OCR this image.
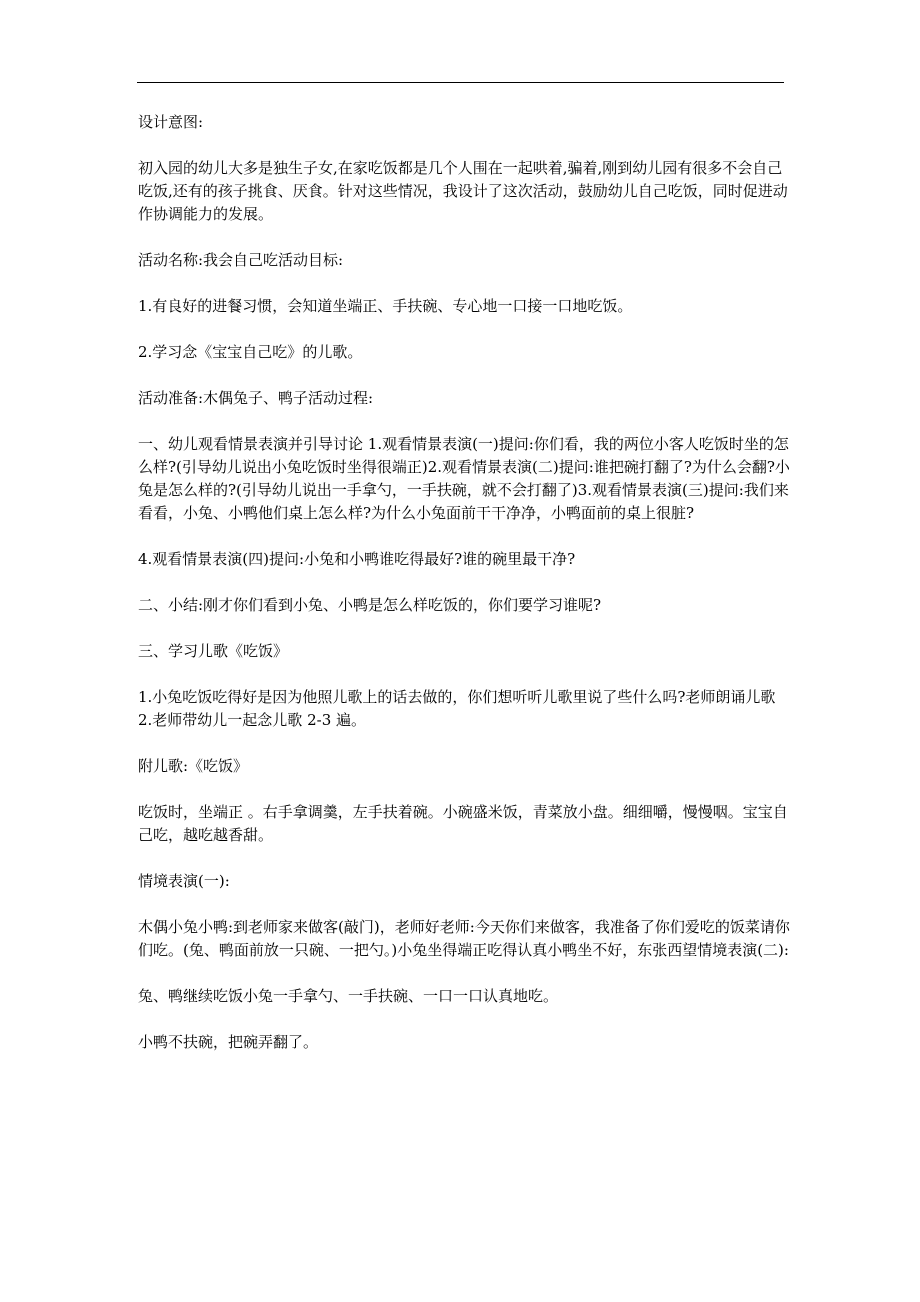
设计意图:

初入园的幼儿大多是独生子女,在家吃饭都是几个人围在一起哄着,骗着,刚到幼儿园有很多不会自己吃饭,还有的孩子挑食、厌食。针对这些情况，我设计了这次活动，鼓励幼儿自己吃饭，同时促进动作协调能力的发展。

活动名称:我会自己吃活动目标:

1.有良好的进餐习惯，会知道坐端正、手扶碗、专心地一口接一口地吃饭。

2.学习念《宝宝自己吃》的儿歌。

活动准备:木偶兔子、鸭子活动过程:

一、幼儿观看情景表演并引导讨论 1.观看情景表演(一)提问:你们看，我的两位小客人吃饭时坐的怎么样?(引导幼儿说出小兔吃饭时坐得很端正)2.观看情景表演(二)提问:谁把碗打翻了?为什么会翻?小兔是怎么样的?(引导幼儿说出一手拿勺，一手扶碗，就不会打翻了)3.观看情景表演(三)提问:我们来看看，小兔、小鸭他们桌上怎么样?为什么小兔面前干干净净，小鸭面前的桌上很脏?

4.观看情景表演(四)提问:小兔和小鸭谁吃得最好?谁的碗里最干净?

二、小结:刚才你们看到小兔、小鸭是怎么样吃饭的，你们要学习谁呢?

三、学习儿歌《吃饭》

1.小兔吃饭吃得好是因为他照儿歌上的话去做的，你们想听听儿歌里说了些什么吗?老师朗诵儿歌 2.老师带幼儿一起念儿歌 2-3 遍。

附儿歌:《吃饭》

吃饭时，坐端正 。右手拿调羹，左手扶着碗。小碗盛米饭，青菜放小盘。细细嚼，慢慢咽。宝宝自己吃，越吃越香甜。

情境表演(一):

木偶小兔小鸭:到老师家来做客(敲门)，老师好老师:今天你们来做客，我准备了你们爱吃的饭菜请你们吃。(兔、鸭面前放一只碗、一把勺。)小兔坐得端正吃得认真小鸭坐不好，东张西望情境表演(二):

兔、鸭继续吃饭小兔一手拿勺、一手扶碗、一口一口认真地吃。

小鸭不扶碗，把碗弄翻了。
